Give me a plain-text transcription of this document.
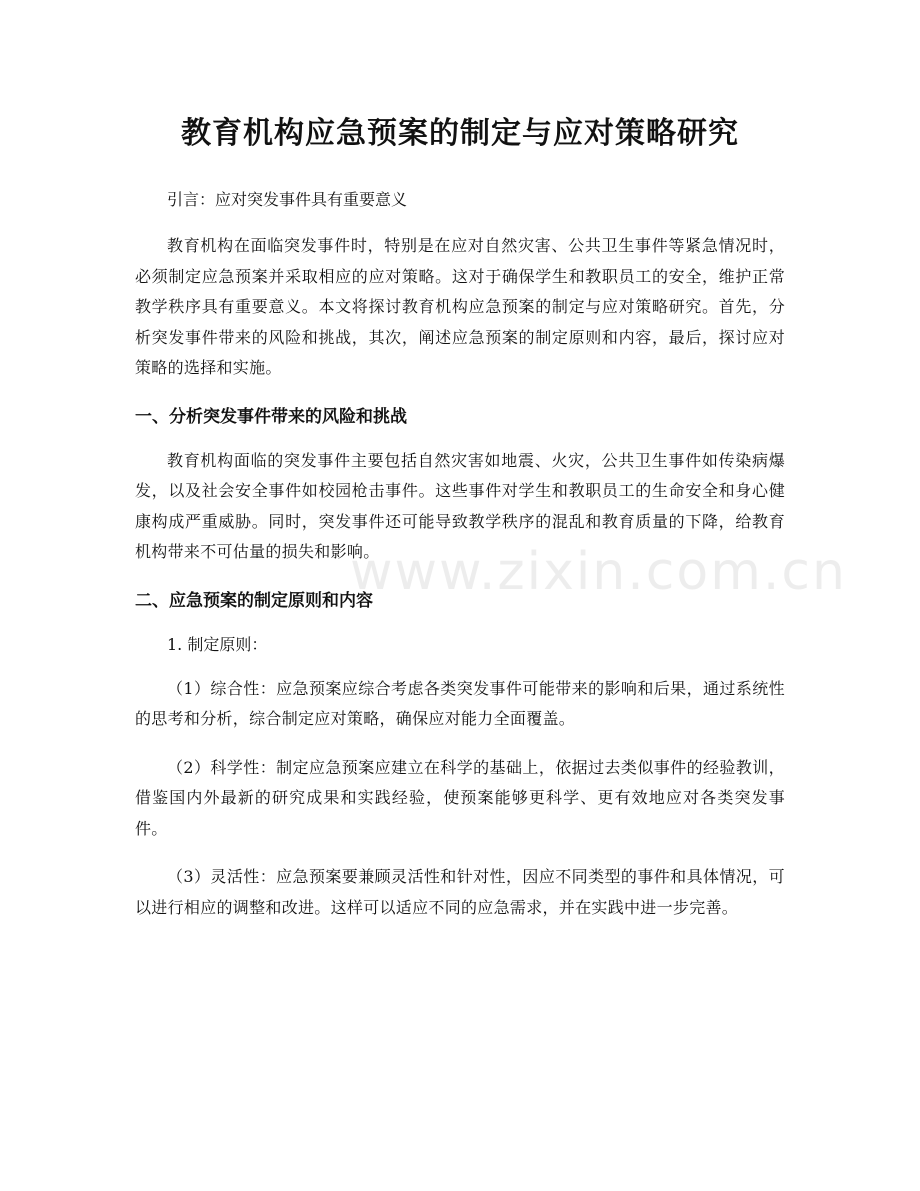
教育机构应急预案的制定与应对策略研究

引言：应对突发事件具有重要意义

教育机构在面临突发事件时，特别是在应对自然灾害、公共卫生事件等紧急情况时，必须制定应急预案并采取相应的应对策略。这对于确保学生和教职员工的安全，维护正常教学秩序具有重要意义。本文将探讨教育机构应急预案的制定与应对策略研究。首先，分析突发事件带来的风险和挑战，其次，阐述应急预案的制定原则和内容，最后，探讨应对策略的选择和实施。

一、分析突发事件带来的风险和挑战

教育机构面临的突发事件主要包括自然灾害如地震、火灾，公共卫生事件如传染病爆发，以及社会安全事件如校园枪击事件。这些事件对学生和教职员工的生命安全和身心健康构成严重威胁。同时，突发事件还可能导致教学秩序的混乱和教育质量的下降，给教育机构带来不可估量的损失和影响。

二、应急预案的制定原则和内容

1. 制定原则：

（1）综合性：应急预案应综合考虑各类突发事件可能带来的影响和后果，通过系统性的思考和分析，综合制定应对策略，确保应对能力全面覆盖。

（2）科学性：制定应急预案应建立在科学的基础上，依据过去类似事件的经验教训，借鉴国内外最新的研究成果和实践经验，使预案能够更科学、更有效地应对各类突发事件。

（3）灵活性：应急预案要兼顾灵活性和针对性，因应不同类型的事件和具体情况，可以进行相应的调整和改进。这样可以适应不同的应急需求，并在实践中进一步完善。

www.zixin.com.cn
